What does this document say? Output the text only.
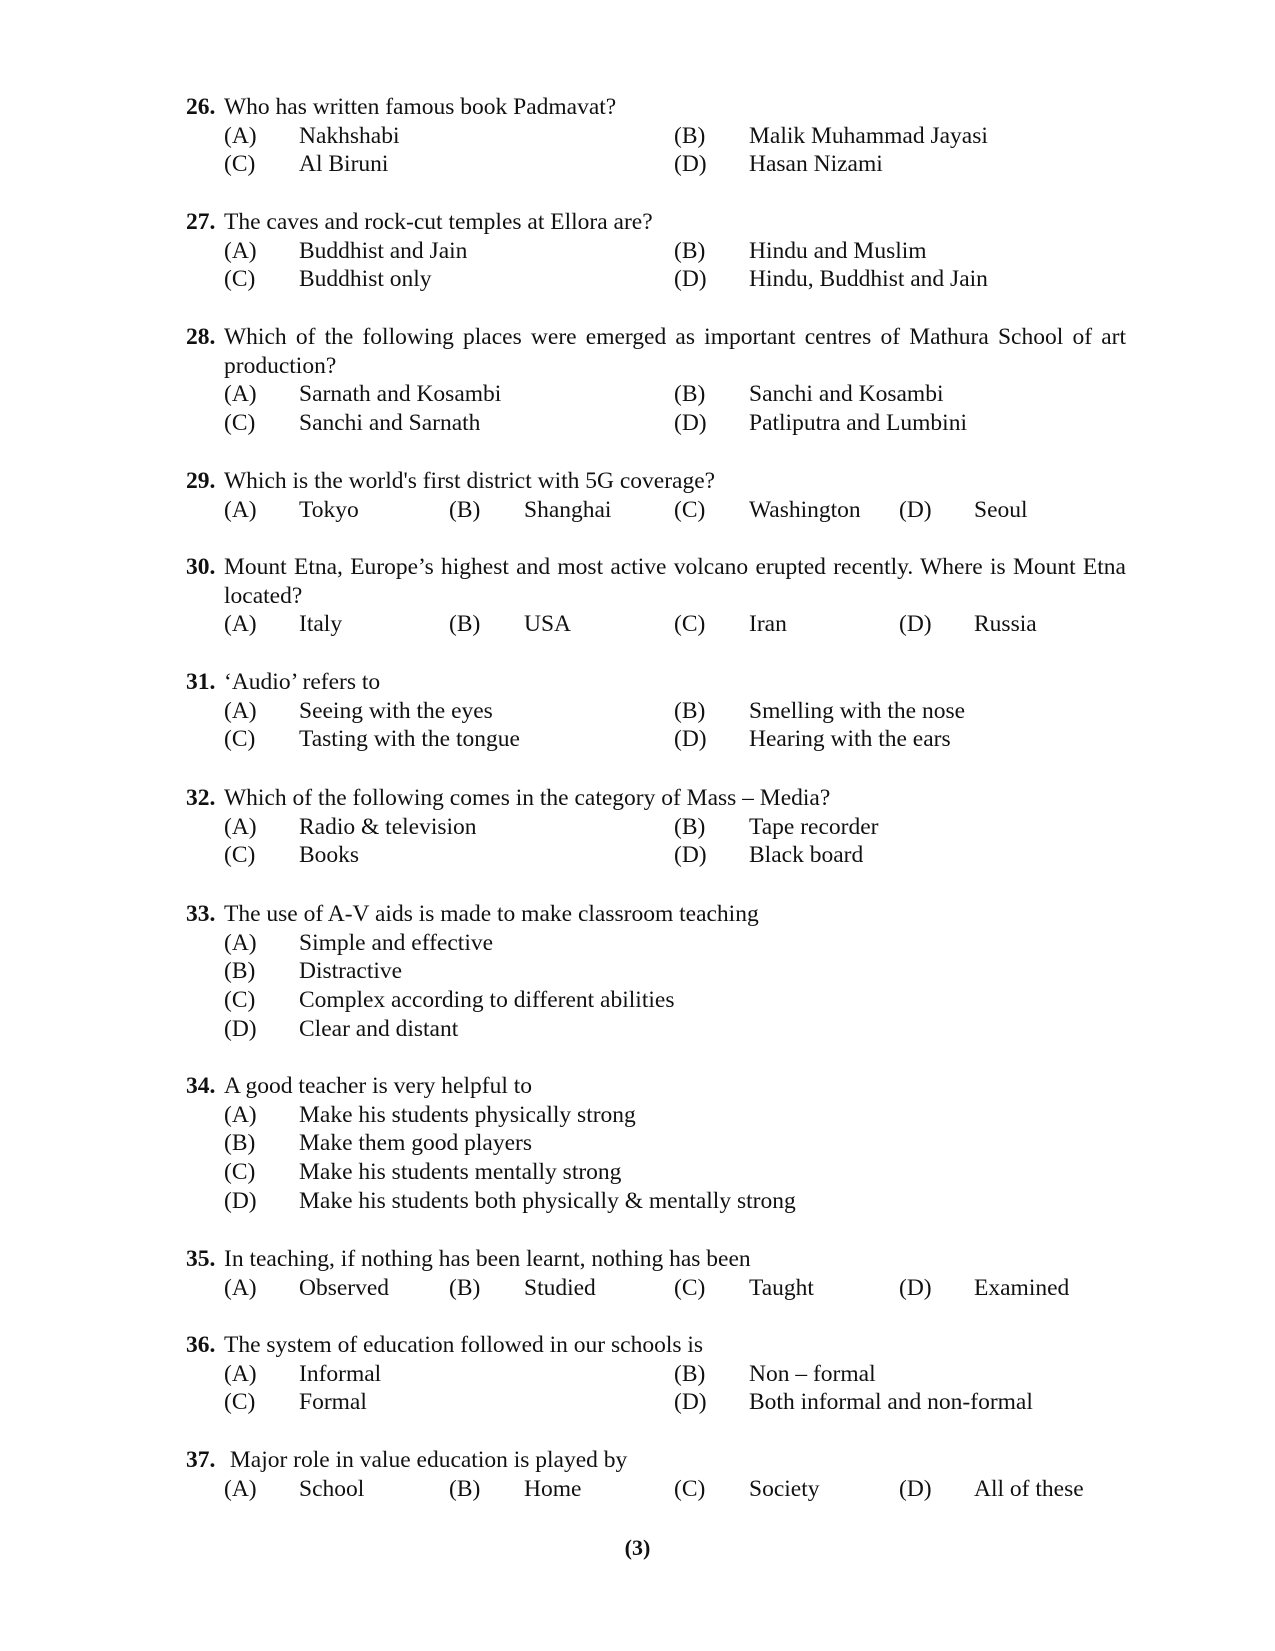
26. Who has written famous book Padmavat?
(A) Nakhshabi	(B) Malik Muhammad Jayasi
(C) Al Biruni	(D) Hasan Nizami
27. The caves and rock-cut temples at Ellora are?
(A) Buddhist and Jain	(B) Hindu and Muslim
(C) Buddhist only	(D) Hindu, Buddhist and Jain
28. Which of the following places were emerged as important centres of Mathura School of art production?
(A) Sarnath and Kosambi	(B) Sanchi and Kosambi
(C) Sanchi and Sarnath	(D) Patliputra and Lumbini
29. Which is the world's first district with 5G coverage?
(A) Tokyo	(B) Shanghai	(C) Washington (D) Seoul
30. Mount Etna, Europe’s highest and most active volcano erupted recently. Where is Mount Etna located?
(A) Italy	(B) USA	(C) Iran	(D) Russia
31. ‘Audio’ refers to
(A) Seeing with the eyes	(B) Smelling with the nose
(C) Tasting with the tongue	(D) Hearing with the ears
32. Which of the following comes in the category of Mass – Media?
(A) Radio & television	(B) Tape recorder
(C) Books	(D) Black board
33. The use of A-V aids is made to make classroom teaching
(A) Simple and effective
(B) Distractive
(C) Complex according to different abilities
(D) Clear and distant
34. A good teacher is very helpful to
(A) Make his students physically strong
(B) Make them good players
(C) Make his students mentally strong
(D) Make his students both physically & mentally strong
35. In teaching, if nothing has been learnt, nothing has been
(A) Observed	(B) Studied	(C) Taught	(D) Examined
36. The system of education followed in our schools is
(A) Informal	(B) Non – formal
(C) Formal	(D) Both informal and non-formal
37. Major role in value education is played by
(A) School	(B) Home	(C) Society	(D) All of these
(3)
